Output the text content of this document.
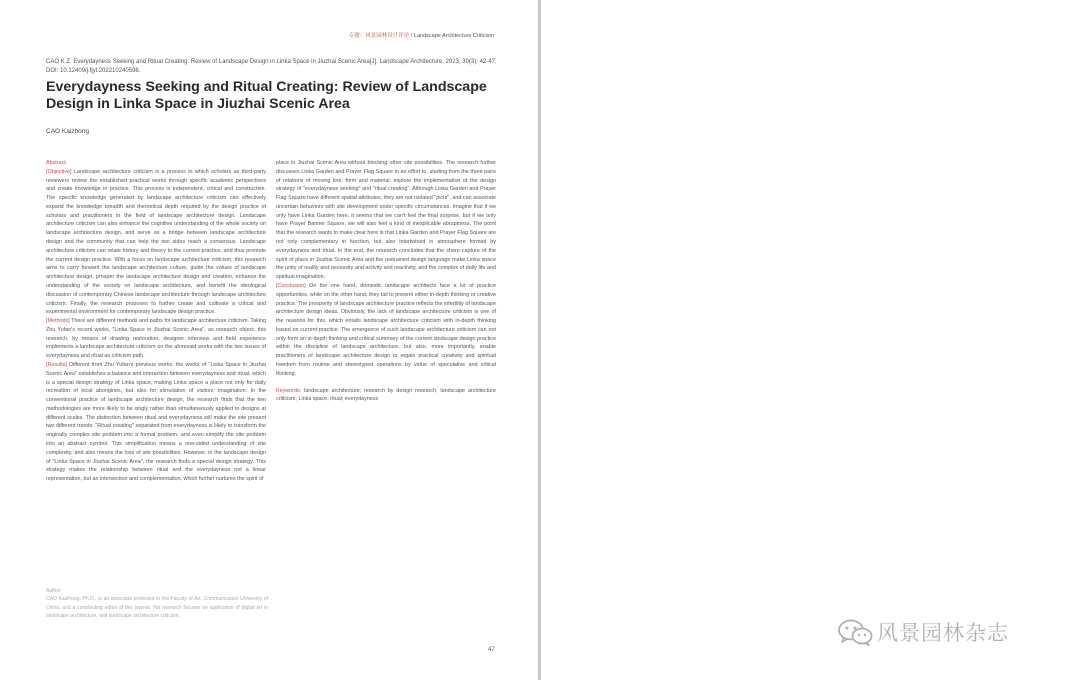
专题：风景园林设计评论 / Landscape Architecture Criticism
CAO K Z. Everydayness Seeking and Ritual Creating: Review of Landscape Design in Linka Space in Jiuzhai Scenic Area[J]. Landscape Architecture, 2023, 30(3): 42-47. DOI: 10.12409/j.fjyl.202210240598.
Everydayness Seeking and Ritual Creating: Review of Landscape Design in Linka Space in Jiuzhai Scenic Area
CAO Kaizhong

Abstract:

[Objective] Landscape architecture criticism is a process in which scholars as third-party reviewers review the established practical works through specific academic perspectives and create knowledge in practice. This process is independent, critical and constructive. The specific knowledge generated by landscape architecture criticism can effectively expand the knowledge breadth and theoretical depth required by the design practice of scholars and practitioners in the field of landscape architecture design. Landscape architecture criticism can also enhance the cognitive understanding of the whole society on landscape architecture design, and serve as a bridge between landscape architecture design and the community that can help the two sides reach a consensus. Landscape architecture criticism can relate history and theory to the current practice, and thus promote the current design practice. With a focus on landscape architecture criticism, this research aims to carry forward the landscape architecture culture, guide the values of landscape architecture design, prosper the landscape architecture design and creation, enhance the understanding of the society on landscape architecture, and benefit the ideological discussion of contemporary Chinese landscape architecture through landscape architecture criticism. Finally, the research proposes to further create and cultivate a critical and experimental environment for contemporary landscape design practice.

[Methods] There are different methods and paths for landscape architecture criticism. Taking Zhu Yufan's recent works, "Linka Space in Jiuzhai Scenic Area", as research object, this research, by means of drawing restoration, designer interview and field experience implements a landscape architecture criticism on the aforesaid works with the two issues of everydayness and ritual as criticism path.

[Results] Different from Zhu Yufan's previous works, the works of "Linka Space in Jiuzhai Scenic Area" establishes a balance and interaction between everydayness and ritual, which is a special design strategy of Linka space, making Linka space a place not only for daily recreation of local aborigines, but also for stimulation of visitors' imagination. In the conventional practice of landscape architecture design, the research finds that the two methodologies are more likely to be singly rather than simultaneously applied to designs at different scales. The distinction between ritual and everydayness will make the site present two different trends: "Ritual creating" separated from everydayness is likely to transform the originally complex site problem into a formal problem, and even simplify the site problem into an abstract symbol. This simplification means a one-sided understanding of site complexity, and also means the loss of site possibilities. However, in the landscape design of "Linka Space in Jiuzhai Scenic Area", the research finds a special design strategy. This strategy makes the relationship between ritual and the everydayness not a linear representation, but an intersection and complementation, which further nurtures the spirit of

place in Jiuzhai Scenic Area without blocking other site possibilities. The research further discusses Linka Garden and Prayer Flag Square in an effort to, starting from the three pairs of relations of moving line, form and material, explore the implementation of the design strategy of "everydayness seeking" and "ritual creating". Although Linka Garden and Prayer Flag Square have different spatial attributes, they are not isolated "picts", and can associate uncertain behaviors with site development under specific circumstances. Imagine that if we only have Linka Garden here, it seems that we can't feel the final surprise, but if we only have Prayer Banner Square, we will also feel a kind of inexplicable abruptness. The point that the research wants to make clear here is that Linka Garden and Prayer Flag Square are not only complementary in function, but also intertwined in atmosphere formed by everydayness and ritual. In the end, the research concludes that the sharp capture of the spirit of place in Jiuzhai Scenic Area and the restrained design language make Linka space the unity of reality and necessity and activity and reactivity, and the complex of daily life and spiritual imagination.

[Conclusion] On the one hand, domestic landscape architects face a lot of practice opportunities, while on the other hand, they fail to present either in-depth thinking or creative practice. The prosperity of landscape architecture practice reflects the infertility of landscape architecture design ideas. Obviously, the lack of landscape architecture criticism is one of the reasons for this, which entails landscape architecture criticism with in-depth thinking based on current practice. The emergence of such landscape architecture criticism can not only form an in-depth thinking and critical summary of the current landscape design practice within the discipline of landscape architecture, but also, more importantly, enable practitioners of landscape architecture design to regain practical creativity and spiritual freedom from routine and stereotyped operations by virtue of speculative and critical thinking.

Keywords: landscape architecture; research by design research; landscape architecture criticism; Linka space; ritual; everydayness

Author:

CAO Kaizhong, Ph.D., is an associate professor in the Faculty of Art, Communication University of China, and a contributing editor of this journal. His research focuses on application of digital art in landscape architecture, and landscape architecture criticism.

47
风景园林杂志
